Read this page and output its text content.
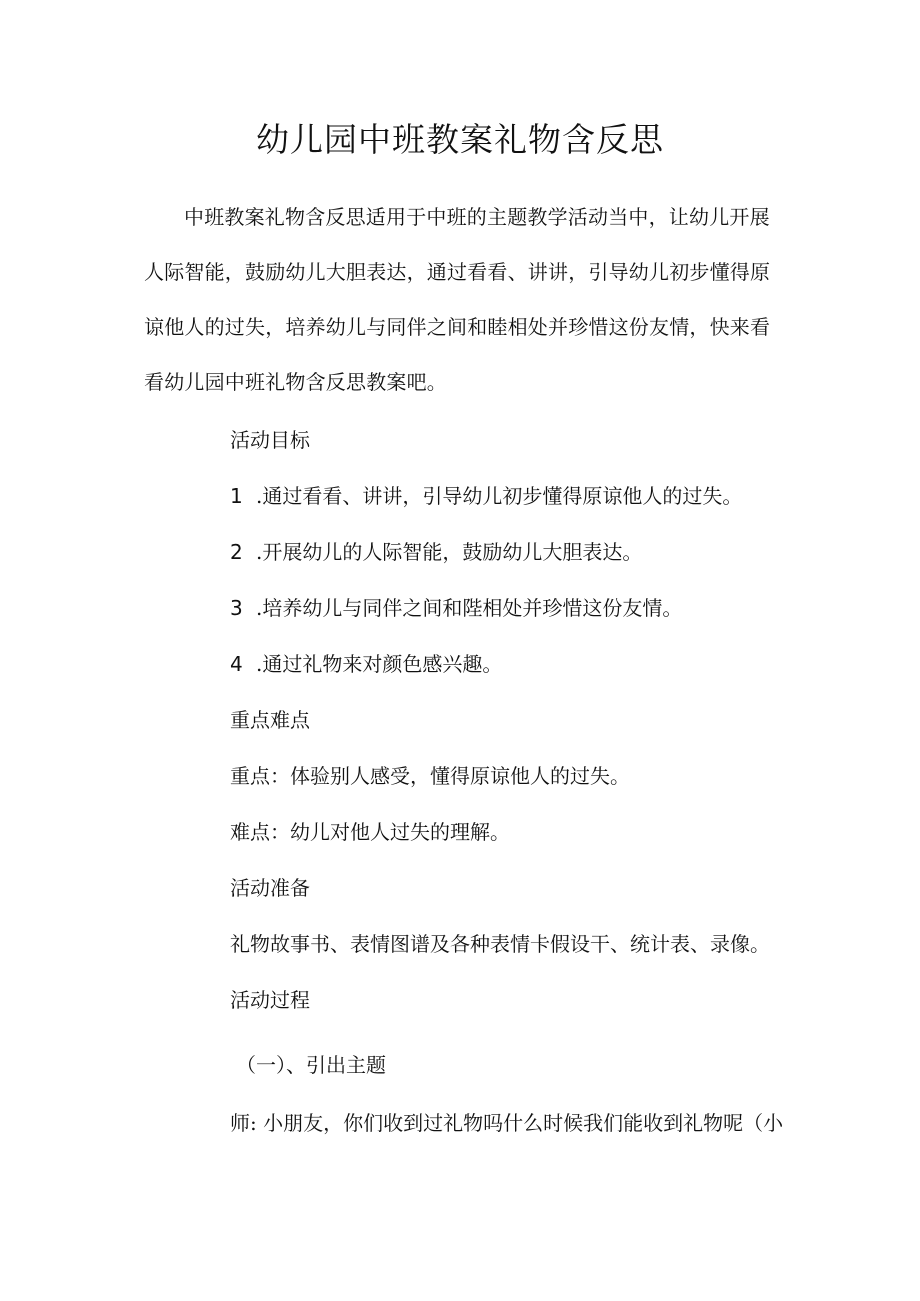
幼儿园中班教案礼物含反思

中班教案礼物含反思适用于中班的主题教学活动当中，让幼儿开展人际智能，鼓励幼儿大胆表达，通过看看、讲讲，引导幼儿初步懂得原谅他人的过失，培养幼儿与同伴之间和睦相处并珍惜这份友情，快来看看幼儿园中班礼物含反思教案吧。

活动目标

1 .通过看看、讲讲，引导幼儿初步懂得原谅他人的过失。

2 .开展幼儿的人际智能，鼓励幼儿大胆表达。

3 .培养幼儿与同伴之间和陛相处并珍惜这份友情。

4 .通过礼物来对颜色感兴趣。

重点难点

重点：体验别人感受，懂得原谅他人的过失。

难点：幼儿对他人过失的理解。

活动准备

礼物故事书、表情图谱及各种表情卡假设干、统计表、录像。

活动过程

（一）、引出主题

师: 小朋友，你们收到过礼物吗什么时候我们能收到礼物呢（小
